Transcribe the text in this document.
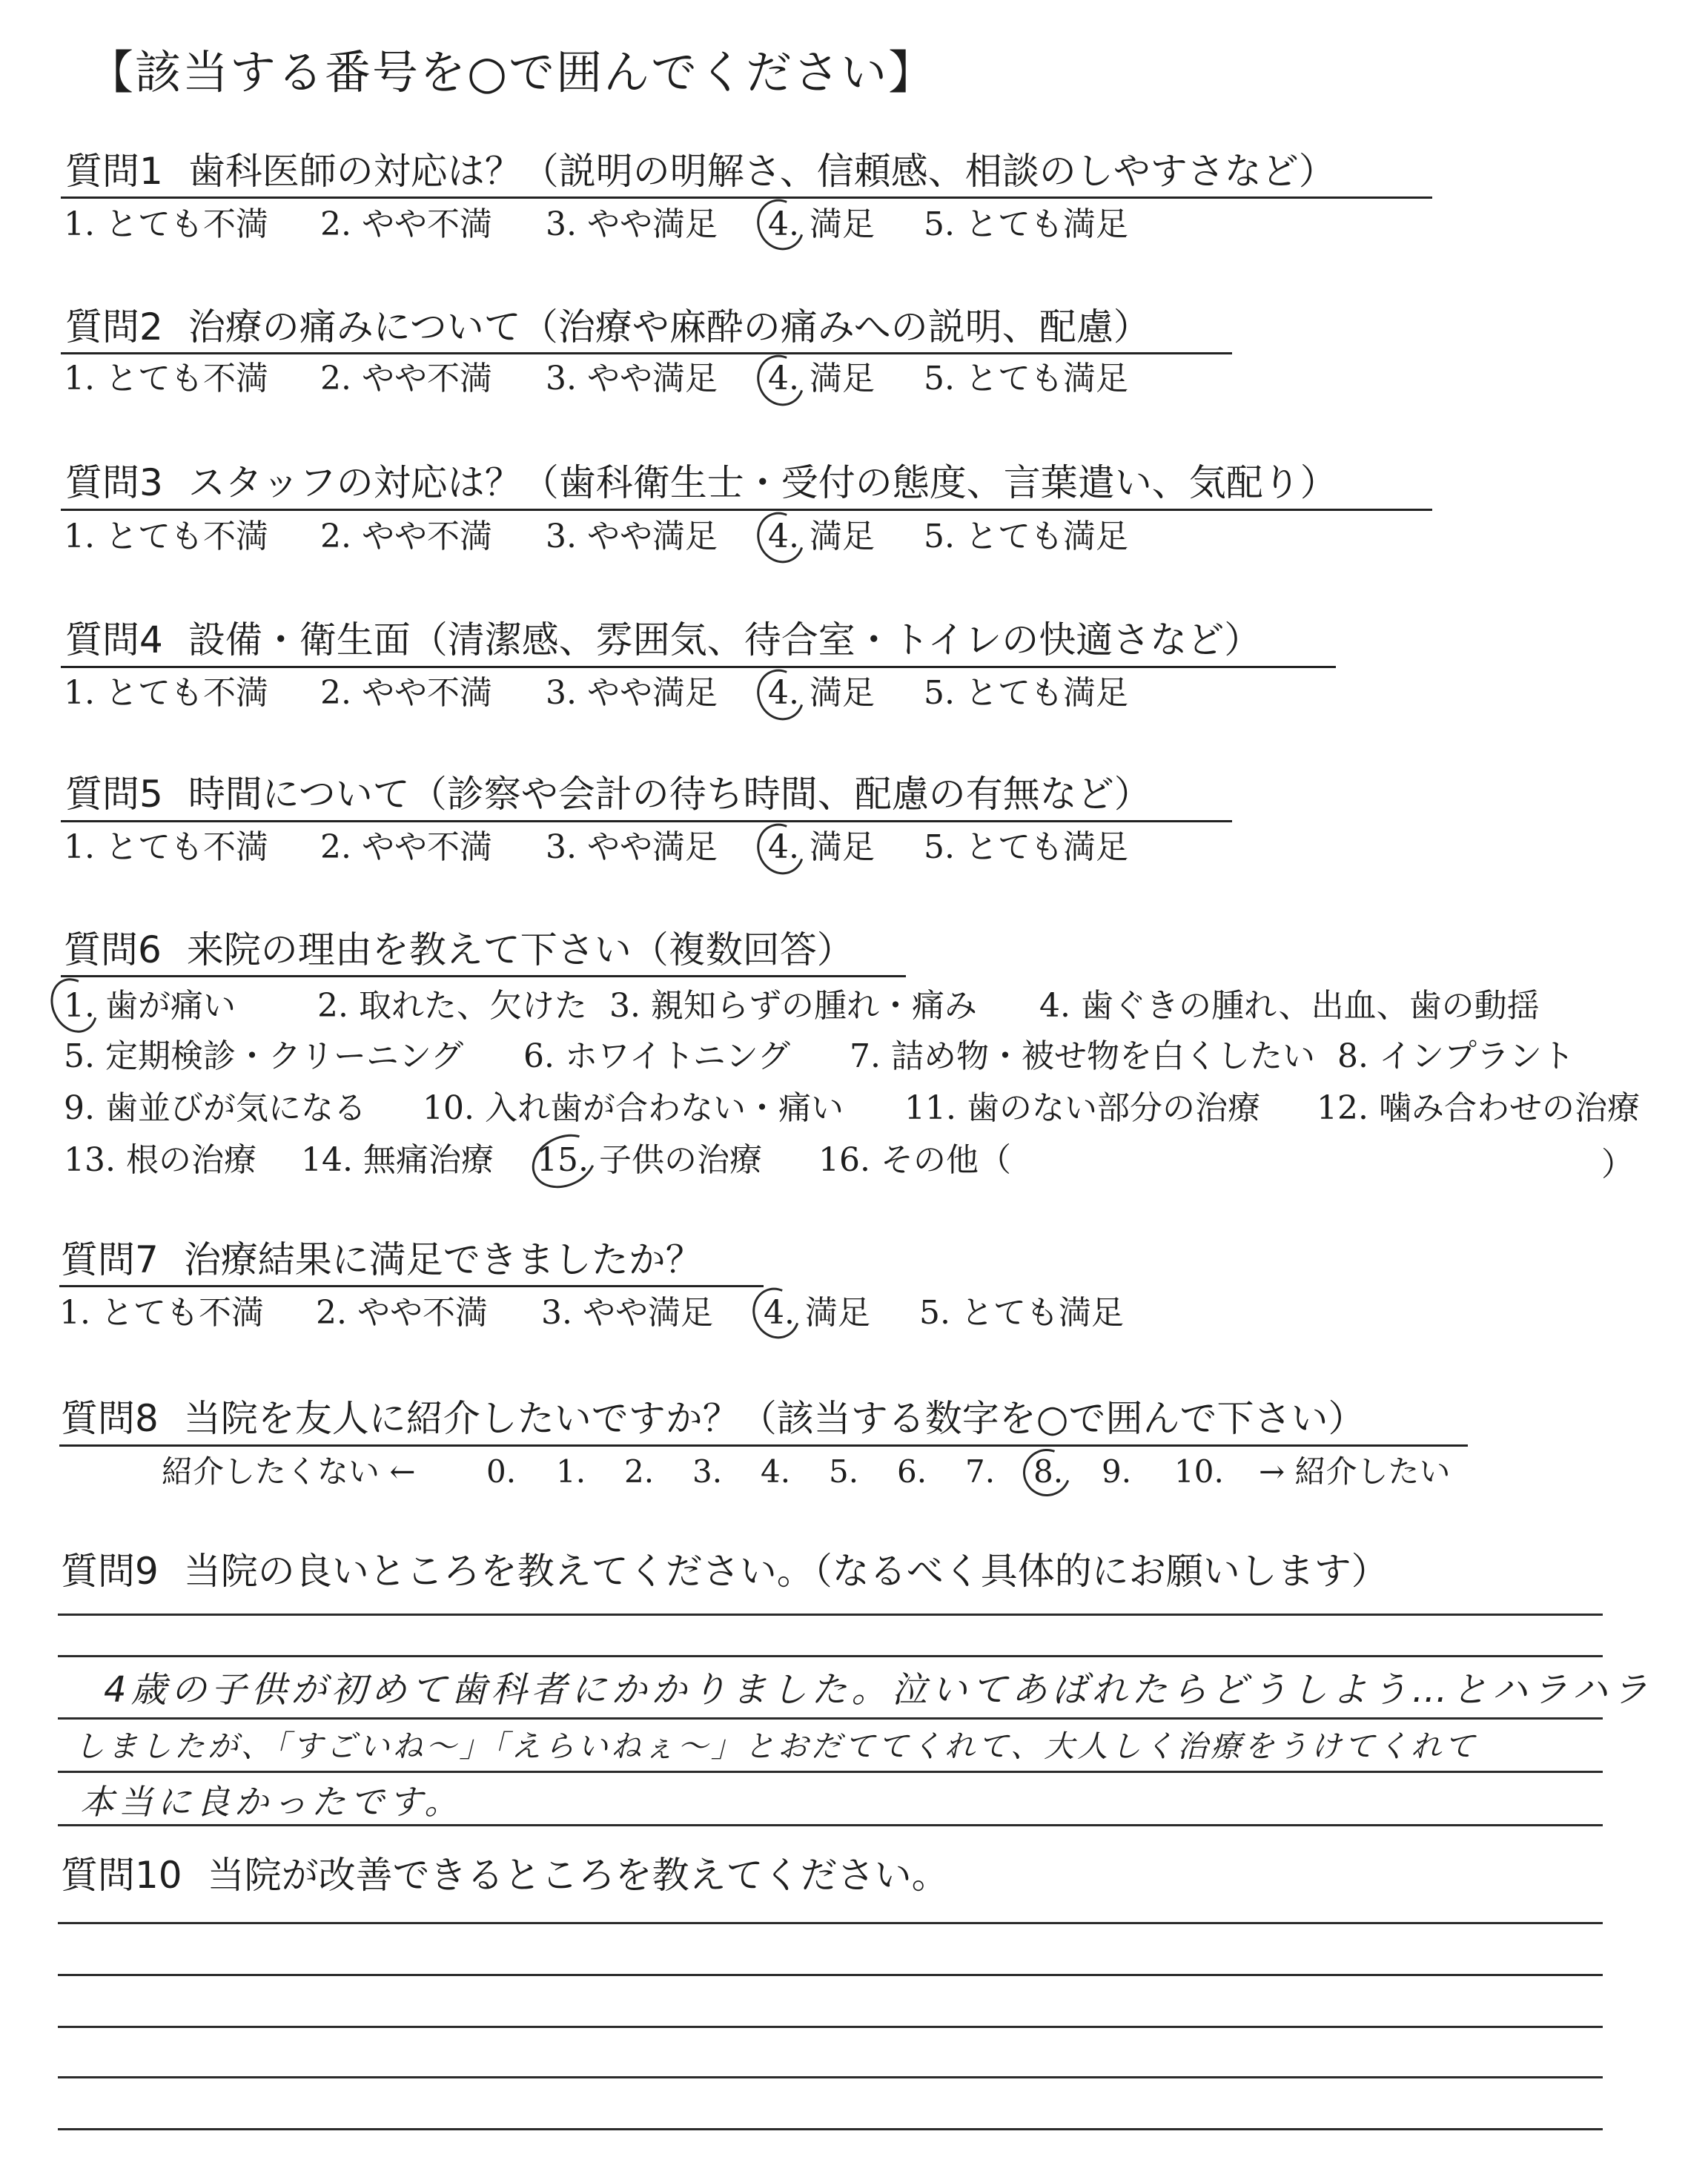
【該当する番号を○で囲んでください】
質問1 歯科医師の対応は？（説明の明解さ、信頼感、相談のしやすさなど）
1. とても不満 2. やや不満 3. やや満足 4. 満足 5. とても満足
質問2 治療の痛みについて（治療や麻酔の痛みへの説明、配慮）
1. とても不満 2. やや不満 3. やや満足 4. 満足 5. とても満足
質問3 スタッフの対応は？（歯科衛生士・受付の態度、言葉遣い、気配り）
1. とても不満 2. やや不満 3. やや満足 4. 満足 5. とても満足
質問4 設備・衛生面（清潔感、雰囲気、待合室・トイレの快適さなど）
1. とても不満 2. やや不満 3. やや満足 4. 満足 5. とても満足
質問5 時間について（診察や会計の待ち時間、配慮の有無など）
1. とても不満 2. やや不満 3. やや満足 4. 満足 5. とても満足
質問6 来院の理由を教えて下さい（複数回答）
1. 歯が痛い	2. 取れた、欠けた 3. 親知らずの腫れ・痛み 4. 歯ぐきの腫れ、出血、歯の動揺
5. 定期検診・クリーニング 6. ホワイトニング 7. 詰め物・被せ物を白くしたい 8. インプラント
9. 歯並びが気になる 10. 入れ歯が合わない・痛い 11. 歯のない部分の治療 12. 噛み合わせの治療
13. 根の治療 14. 無痛治療 15. 子供の治療 16. その他（	）
質問7 治療結果に満足できましたか？
1. とても不満 2. やや不満 3. やや満足 4. 満足 5. とても満足
質問8 当院を友人に紹介したいですか？（該当する数字を○で囲んで下さい）
紹介したくない ← 0. 1. 2. 3. 4. 5. 6. 7. 8. 9. 10. → 紹介したい
質問9 当院の良いところを教えてください。（なるべく具体的にお願いします）
4歳の子供が初めて歯科者にかかりました。泣いてあばれたらどうしよう…とハラハラ
しましたが、「すごいね～」「えらいねぇ～」とおだててくれて、大人しく治療をうけてくれて
本当に良かったです。
質問10 当院が改善できるところを教えてください。
